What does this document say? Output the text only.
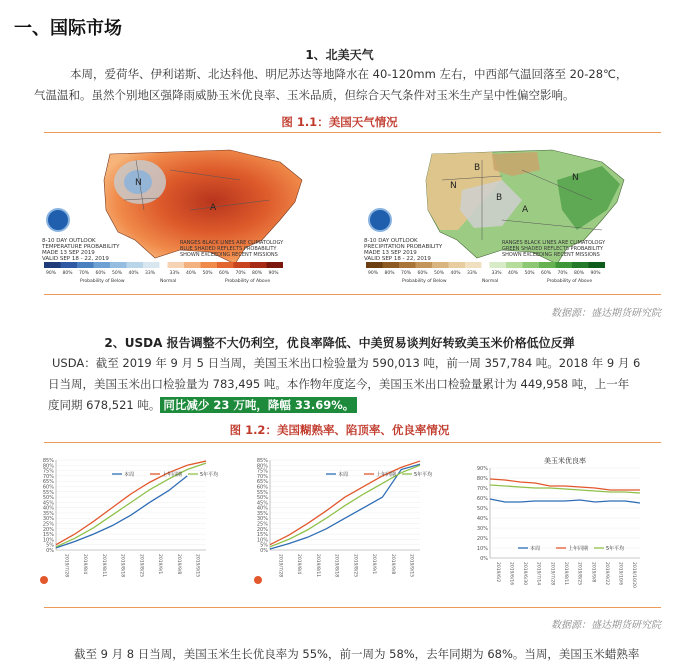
一、国际市场
1、北美天气
本周，爱荷华、伊利诺斯、北达科他、明尼苏达等地降水在 40-120mm 左右，中西部气温回落至 20-28℃，
气温温和。虽然个别地区强降雨威胁玉米优良率、玉米品质，但综合天气条件对玉米生产呈中性偏空影响。
图 1.1：美国天气情况
N
A
8-10 DAY OUTLOOK
TEMPERATURE PROBABILITY
MADE 13 SEP 2019
VALID SEP 18 - 22, 2019
RANGES BLACK LINES ARE CLIMATOLOGY
BLUE SHADED REFLECTS PROBABILITY
SHOWN EXCEEDING RECENT MISSIONS
90% 80% 70% 60% 50% 40% 33%	33% 40% 50% 60% 70% 80% 90%
Probability of Below	Normal	Probability of Above
B
N
A
B
N
8-10 DAY OUTLOOK
PRECIPITATION PROBABILITY
MADE 13 SEP 2019
VALID SEP 18 - 22, 2019
RANGES BLACK LINES ARE CLIMATOLOGY
GREEN SHADED REFLECTS PROBABILITY
SHOWN EXCEEDING RECENT MISSIONS
90% 80% 70% 60% 50% 40% 33%	33% 40% 50% 60% 70% 80% 90%
Probability of Below	Normal	Probability of Above
数据源：盛达期货研究院
2、USDA 报告调整不大仍利空，优良率降低、中美贸易谈判好转致美玉米价格低位反弹
USDA：截至 2019 年 9 月 5 日当周，美国玉米出口检验量为 590,013 吨，前一周 357,784 吨。2018 年 9 月 6
日当周，美国玉米出口检验量为 783,495 吨。本作物年度迄今，美国玉米出口检验量累计为 449,958 吨，上一年
度同期 678,521 吨。 同比减少 23 万吨，降幅 33.69%。
图 1.2：美国糊熟率、陷顶率、优良率情况
0%
5%
10%
15%
20%
25%
30%
35%
40%
45%
50%
55%
60%
65%
70%
75%
80%
85%
2019/7/28	2019/8/4	2019/8/11	2019/8/18	2019/8/25	2019/9/1	2019/9/8	2019/9/15
本周	上年同期	5年平均
0%
5%
10%
15%
20%
25%
30%
35%
40%
45%
50%
55%
60%
65%
70%
75%
80%
85%
2019/7/28	2019/8/4	2019/8/11	2019/8/18	2019/8/25	2019/9/1	2019/9/8	2019/9/15
本周	上年同期	5年平均
美玉米优良率
0%
10%
20%
30%
40%
50%
60%
70%
80%
90%
2019/6/2 2019/6/16 2019/6/30 2019/7/14 2019/7/28 2019/8/11 2019/8/25 2019/9/8 2019/9/22 2019/10/6 2019/10/20
本周	上年同期	5年平均
数据源：盛达期货研究院
截至 9 月 8 日当周，美国玉米生长优良率为 55%，前一周为 58%，去年同期为 68%。当周，美国玉米蜡熟率
